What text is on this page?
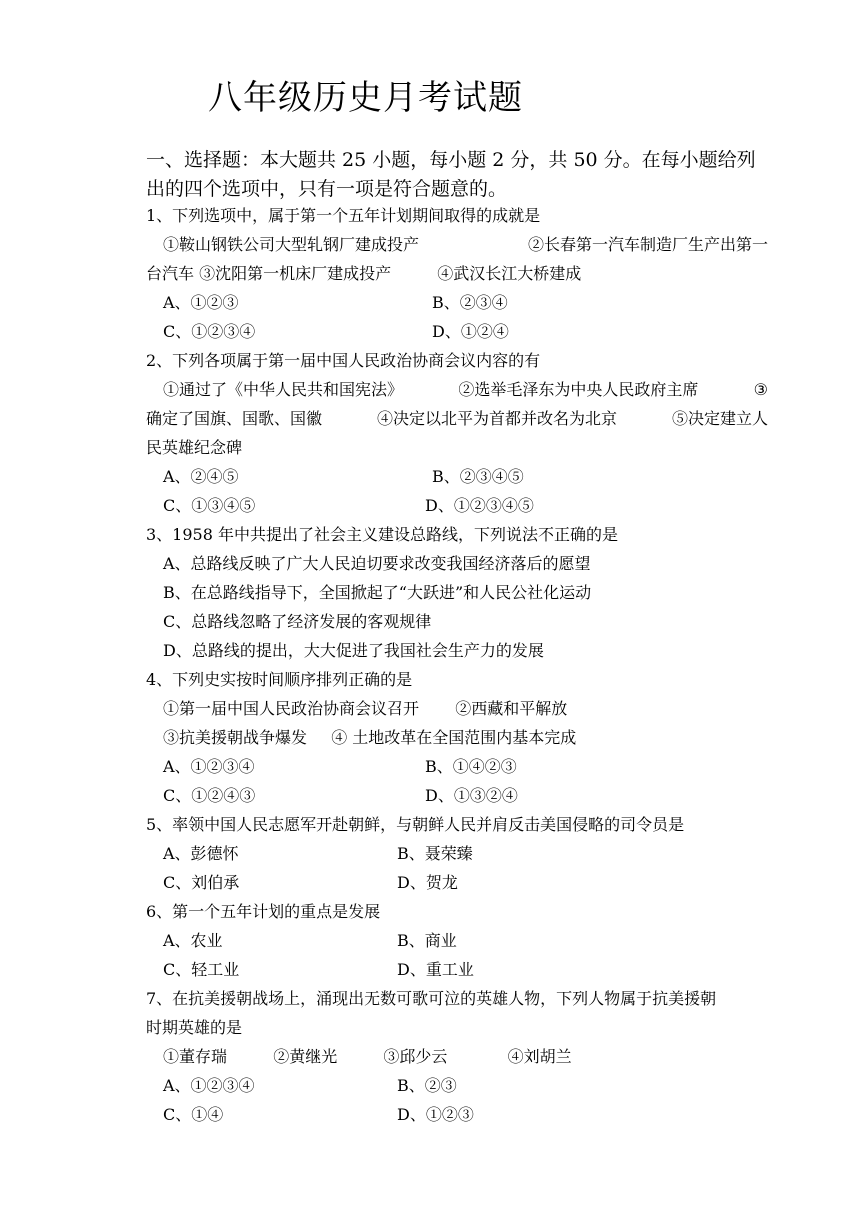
八年级历史月考试题
一、选择题：本大题共 25 小题，每小题 2 分，共 50 分。在每小题给列
出的四个选项中，只有一项是符合题意的。
1、下列选项中，属于第一个五年计划期间取得的成就是
①鞍山钢铁公司大型轧钢厂建成投产	②长春第一汽车制造厂生产出第一
台汽车 ③沈阳第一机床厂建成投产	④武汉长江大桥建成
A、①②③	B、②③④
C、①②③④	D、①②④
2、下列各项属于第一届中国人民政治协商会议内容的有
①通过了《中华人民共和国宪法》	②选举毛泽东为中央人民政府主席	③
确定了国旗、国歌、国徽	④决定以北平为首都并改名为北京	⑤决定建立人
民英雄纪念碑
A、②④⑤	B、②③④⑤
C、①③④⑤	D、①②③④⑤
3、1958 年中共提出了社会主义建设总路线，下列说法不正确的是
A、总路线反映了广大人民迫切要求改变我国经济落后的愿望
B、在总路线指导下，全国掀起了“大跃进”和人民公社化运动
C、总路线忽略了经济发展的客观规律
D、总路线的提出，大大促进了我国社会生产力的发展
4、下列史实按时间顺序排列正确的是
①第一届中国人民政治协商会议召开 ②西藏和平解放
③抗美援朝战争爆发 ④ 土地改革在全国范围内基本完成
A、①②③④	B、①④②③
C、①②④③	D、①③②④
5、率领中国人民志愿军开赴朝鲜，与朝鲜人民并肩反击美国侵略的司令员是
A、彭德怀	B、聂荣臻
C、刘伯承	D、贺龙
6、第一个五年计划的重点是发展
A、农业	B、商业
C、轻工业	D、重工业
7、在抗美援朝战场上，涌现出无数可歌可泣的英雄人物，下列人物属于抗美援朝
时期英雄的是
①董存瑞	②黄继光	③邱少云	④刘胡兰
A、①②③④	B、②③
C、①④	D、①②③
